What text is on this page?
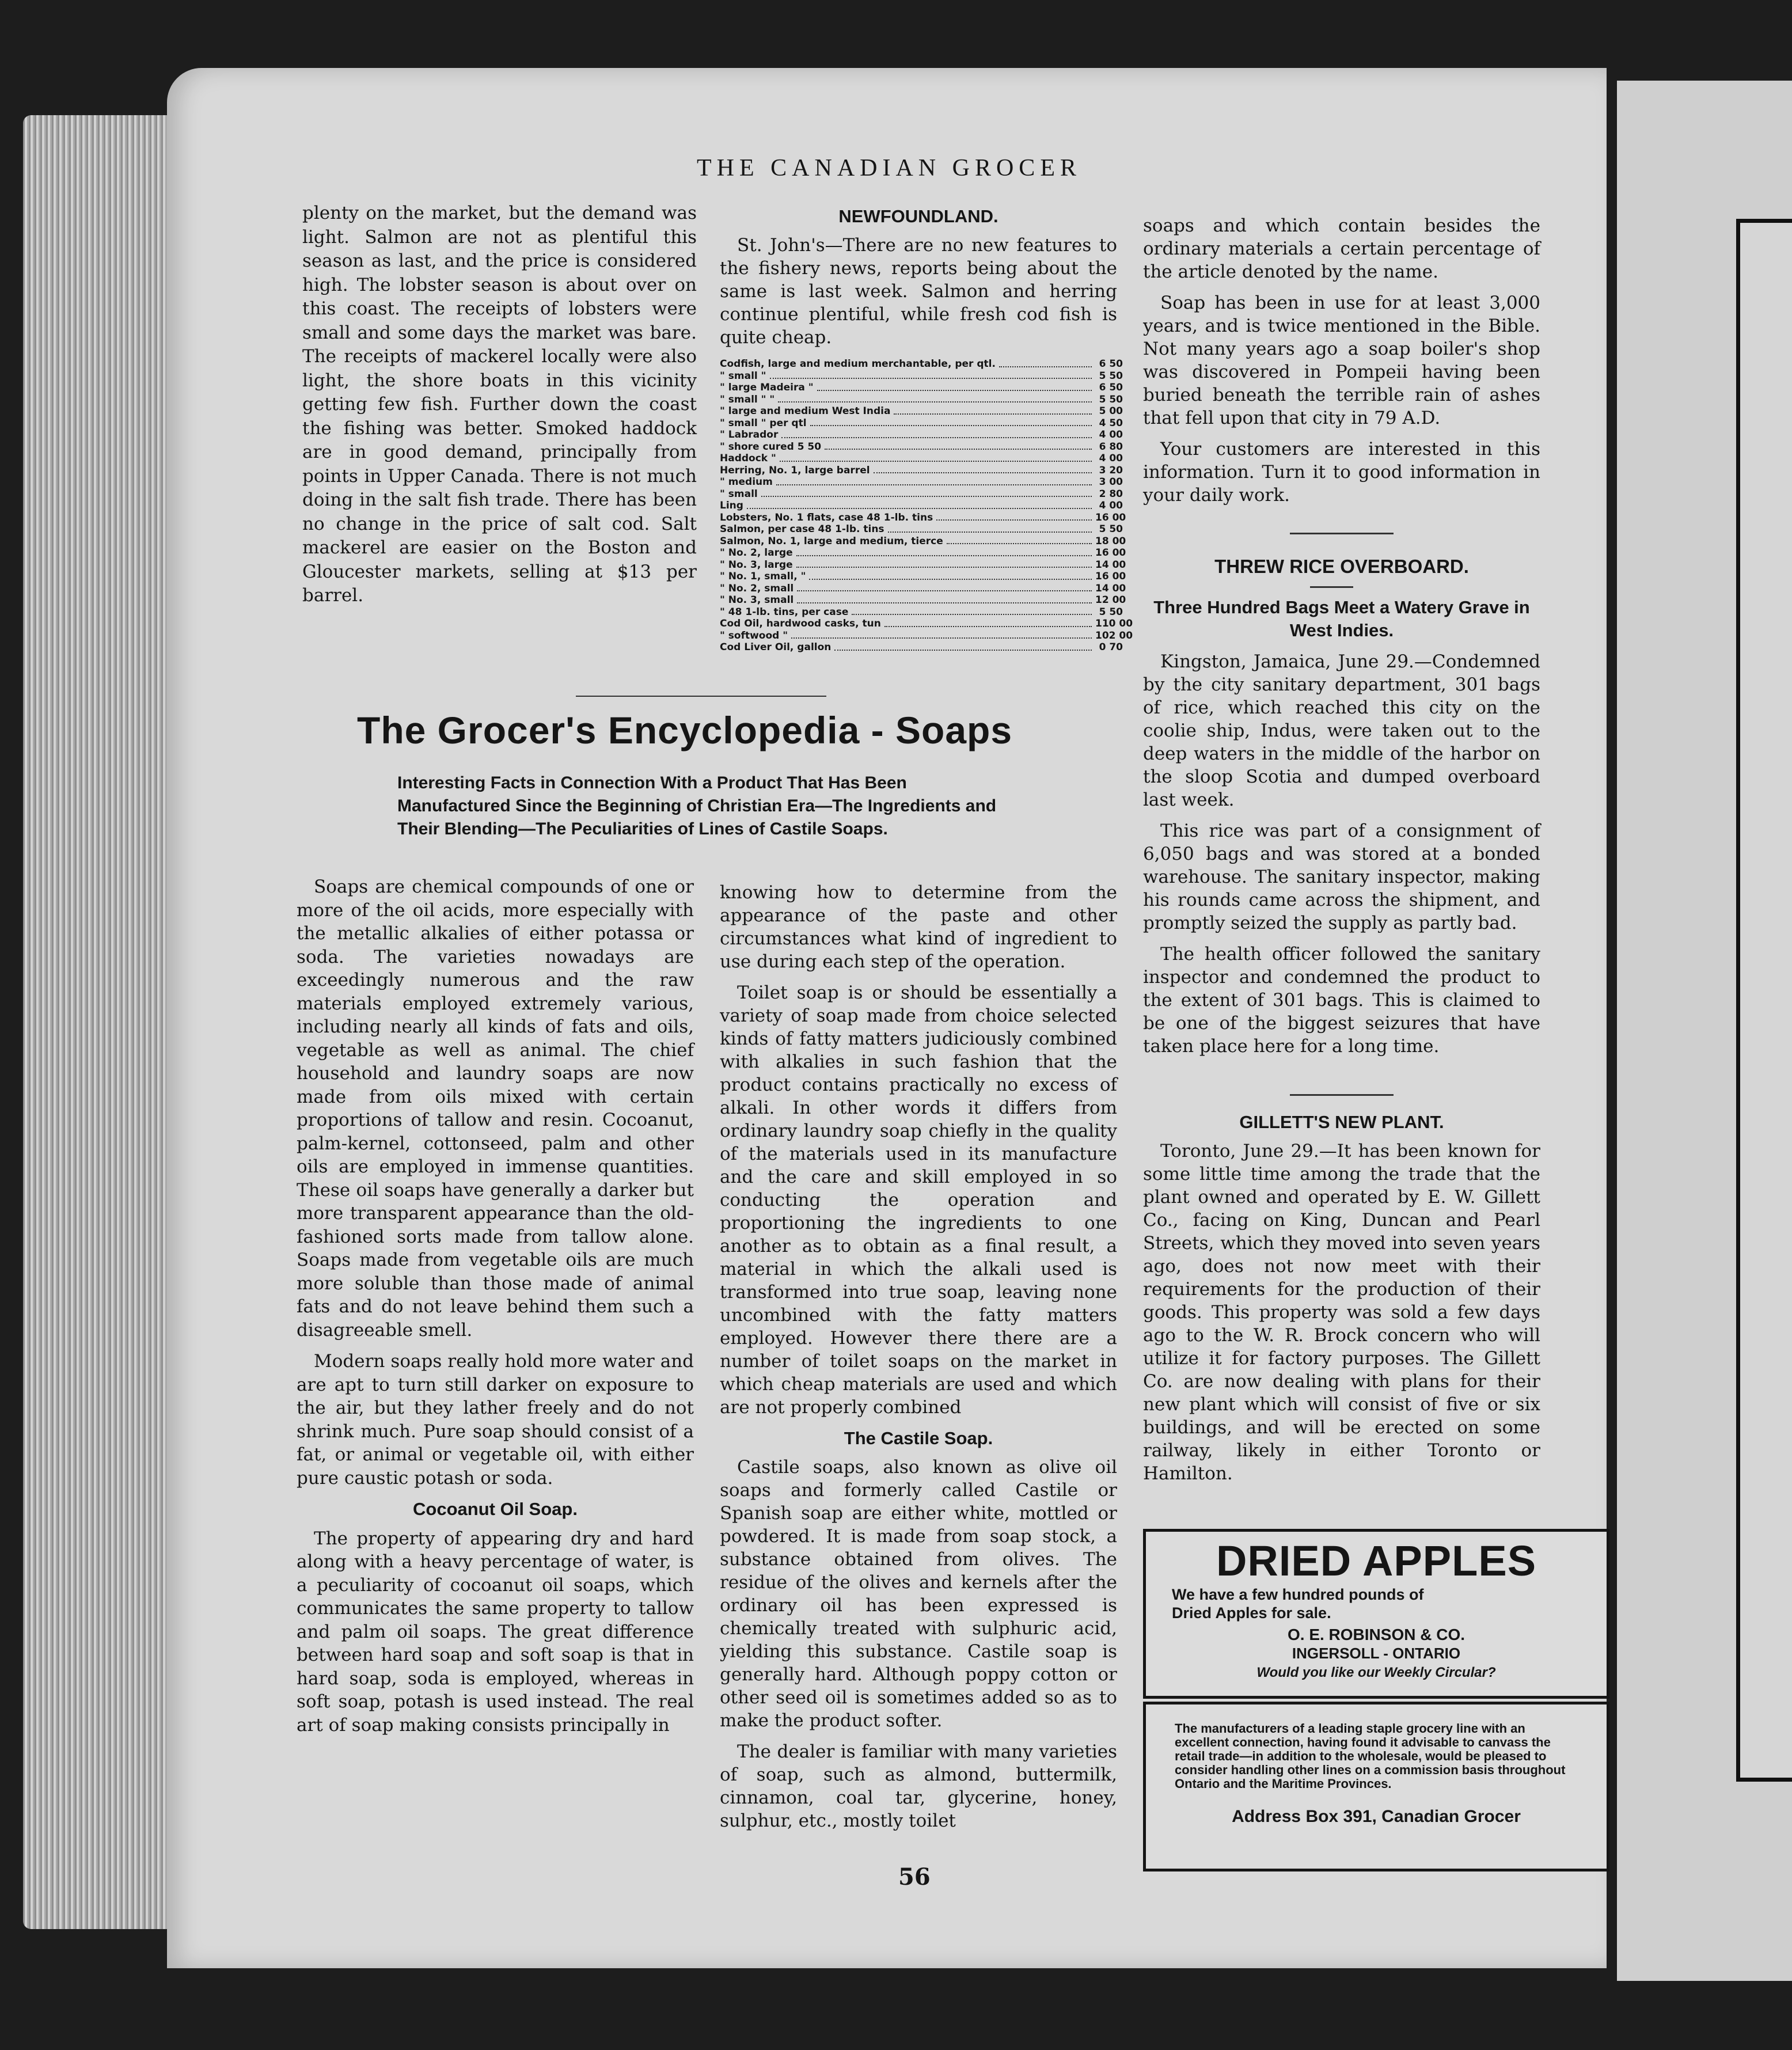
THE CANADIAN GROCER

plenty on the market, but the demand was light. Salmon are not as plentiful this season as last, and the price is considered high. The lobster season is about over on this coast. The receipts of lobsters were small and some days the market was bare. The receipts of mackerel locally were also light, the shore boats in this vicinity getting few fish. Further down the coast the fishing was better. Smoked haddock are in good demand, principally from points in Upper Canada. There is not much doing in the salt fish trade. There has been no change in the price of salt cod. Salt mackerel are easier on the Boston and Gloucester markets, selling at $13 per barrel.

NEWFOUNDLAND.

St. John's—There are no new features to the fishery news, reports being about the same is last week. Salmon and herring continue plentiful, while fresh cod fish is quite cheap.

Codfish, large and medium merchantable, per qtl.	6 50
" small "	5 50
" large Madeira "	6 50
" small " "	5 50
" large and medium West India	5 00
" small " per qtl	4 50
" Labrador	4 00
" shore cured 5 50	6 80
Haddock "	4 00
Herring, No. 1, large barrel	3 20
" medium	3 00
" small	2 80
Ling	4 00
Lobsters, No. 1 flats, case 48 1-lb. tins	16 00
Salmon, per case 48 1-lb. tins	5 50
Salmon, No. 1, large and medium, tierce	18 00
" No. 2, large	16 00
" No. 3, large	14 00
" No. 1, small, "	16 00
" No. 2, small	14 00
" No. 3, small	12 00
" 48 1-lb. tins, per case	5 50
Cod Oil, hardwood casks, tun	110 00
" softwood "	102 00
Cod Liver Oil, gallon	0 70

soaps and which contain besides the ordinary materials a certain percentage of the article denoted by the name.

Soap has been in use for at least 3,000 years, and is twice mentioned in the Bible. Not many years ago a soap boiler's shop was discovered in Pompeii having been buried beneath the terrible rain of ashes that fell upon that city in 79 A.D.

Your customers are interested in this information. Turn it to good information in your daily work.

THREW RICE OVERBOARD.
Three Hundred Bags Meet a Watery Grave in West Indies.

Kingston, Jamaica, June 29.—Condemned by the city sanitary department, 301 bags of rice, which reached this city on the coolie ship, Indus, were taken out to the deep waters in the middle of the harbor on the sloop Scotia and dumped overboard last week.

This rice was part of a consignment of 6,050 bags and was stored at a bonded warehouse. The sanitary inspector, making his rounds came across the shipment, and promptly seized the supply as partly bad.

The health officer followed the sanitary inspector and condemned the product to the extent of 301 bags. This is claimed to be one of the biggest seizures that have taken place here for a long time.

GILLETT'S NEW PLANT.

Toronto, June 29.—It has been known for some little time among the trade that the plant owned and operated by E. W. Gillett Co., facing on King, Duncan and Pearl Streets, which they moved into seven years ago, does not now meet with their requirements for the production of their goods. This property was sold a few days ago to the W. R. Brock concern who will utilize it for factory purposes. The Gillett Co. are now dealing with plans for their new plant which will consist of five or six buildings, and will be erected on some railway, likely in either Toronto or Hamilton.

DRIED APPLES
We have a few hundred pounds of
Dried Apples for sale.
O. E. ROBINSON & CO.
INGERSOLL - ONTARIO
Would you like our Weekly Circular?
The manufacturers of a leading staple grocery line with an excellent connection, having found it advisable to canvass the retail trade—in addition to the wholesale, would be pleased to consider handling other lines on a commission basis throughout Ontario and the Maritime Provinces.
Address Box 391, Canadian Grocer
The Grocer's Encyclopedia - Soaps
Interesting Facts in Connection With a Product That Has Been Manufactured Since the Beginning of Christian Era—The Ingredients and Their Blending—The Peculiarities of Lines of Castile Soaps.

Soaps are chemical compounds of one or more of the oil acids, more especially with the metallic alkalies of either potassa or soda. The varieties nowadays are exceedingly numerous and the raw materials employed extremely various, including nearly all kinds of fats and oils, vegetable as well as animal. The chief household and laundry soaps are now made from oils mixed with certain proportions of tallow and resin. Cocoanut, palm-kernel, cottonseed, palm and other oils are employed in immense quantities. These oil soaps have generally a darker but more transparent appearance than the old-fashioned sorts made from tallow alone. Soaps made from vegetable oils are much more soluble than those made of animal fats and do not leave behind them such a disagreeable smell.

Modern soaps really hold more water and are apt to turn still darker on exposure to the air, but they lather freely and do not shrink much. Pure soap should consist of a fat, or animal or vegetable oil, with either pure caustic potash or soda.

Cocoanut Oil Soap.

The property of appearing dry and hard along with a heavy percentage of water, is a peculiarity of cocoanut oil soaps, which communicates the same property to tallow and palm oil soaps. The great difference between hard soap and soft soap is that in hard soap, soda is employed, whereas in soft soap, potash is used instead. The real art of soap making consists principally in

knowing how to determine from the appearance of the paste and other circumstances what kind of ingredient to use during each step of the operation.

Toilet soap is or should be essentially a variety of soap made from choice selected kinds of fatty matters judiciously combined with alkalies in such fashion that the product contains practically no excess of alkali. In other words it differs from ordinary laundry soap chiefly in the quality of the materials used in its manufacture and the care and skill employed in so conducting the operation and proportioning the ingredients to one another as to obtain as a final result, a material in which the alkali used is transformed into true soap, leaving none uncombined with the fatty matters employed. However there there are a number of toilet soaps on the market in which cheap materials are used and which are not properly combined

The Castile Soap.

Castile soaps, also known as olive oil soaps and formerly called Castile or Spanish soap are either white, mottled or powdered. It is made from soap stock, a substance obtained from olives. The residue of the olives and kernels after the ordinary oil has been expressed is chemically treated with sulphuric acid, yielding this substance. Castile soap is generally hard. Although poppy cotton or other seed oil is sometimes added so as to make the product softer.

The dealer is familiar with many varieties of soap, such as almond, buttermilk, cinnamon, coal tar, glycerine, honey, sulphur, etc., mostly toilet

56
